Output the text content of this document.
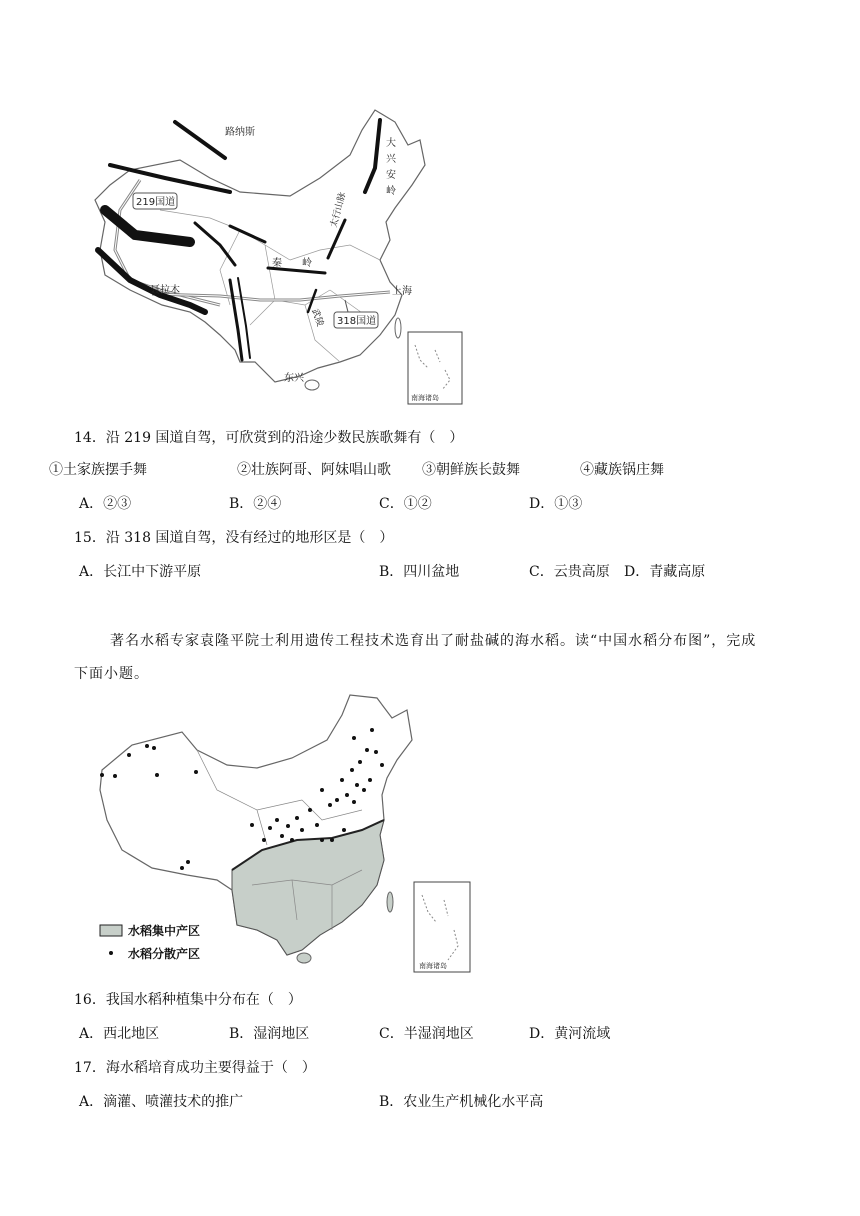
路纳斯
219国道
大
兴
安
岭
太行山脉
秦 岭
武陵
聂拉木	上海
318国道
东兴
南海诸岛
14．沿 219 国道自驾，可欣赏到的沿途少数民族歌舞有（　）
①土家族摆手舞	②壮族阿哥、阿妹唱山歌 ③朝鲜族长鼓舞	④藏族锅庄舞
A．②③	B．②④	C．①②	D．①③
15．沿 318 国道自驾，没有经过的地形区是（　）
A．长江中下游平原	B．四川盆地	C．云贵高原 D．青藏高原
著名水稻专家袁隆平院士利用遗传工程技术选育出了耐盐碱的海水稻。读“中国水稻分布图”，完成
下面小题。
水稻集中产区
水稻分散产区
南海诸岛
16．我国水稻种植集中分布在（　）
A．西北地区	B．湿润地区	C．半湿润地区	D．黄河流域
17．海水稻培育成功主要得益于（　）
A．滴灌、喷灌技术的推广	B．农业生产机械化水平高
